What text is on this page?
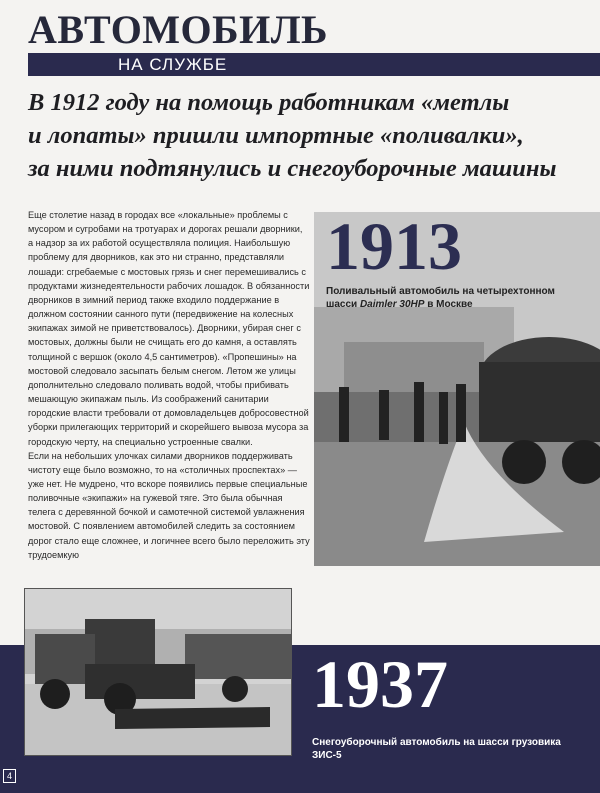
АВТОМОБИЛЬ
НА СЛУЖБЕ
В 1912 году на помощь работникам «метлы
и лопаты» пришли импортные «поливалки»,
за ними подтянулись и снегоуборочные машины

Еще столетие назад в городах все «локальные» проблемы с мусором и сугробами на тротуарах и дорогах решали дворники, а надзор за их работой осуществляла полиция. Наибольшую проблему для дворников, как это ни странно, представляли лошади: сгребаемые с мостовых грязь и снег перемешивались с продуктами жизнедеятельности рабочих лошадок. В обязанности дворников в зимний период также входило поддержание в должном состоянии санного пути (передвижение на колесных экипажах зимой не приветствовалось). Дворники, убирая снег с мостовых, должны были не счищать его до камня, а оставлять толщиной с вершок (около 4,5 сантиметров). «Пропешины» на мостовой следовало засыпать белым снегом. Летом же улицы дополнительно следовало поливать водой, чтобы прибивать мешающую экипажам пыль. Из соображений санитарии городские власти требовали от домовладельцев добросовестной уборки прилегающих территорий и скорейшего вывоза мусора за городскую черту, на специально устроенные свалки.

Если на небольших улочках силами дворников поддерживать чистоту еще было возможно, то на «столичных проспектах» — уже нет. Не мудрено, что вскоре появились первые специальные поливочные «экипажи» на гужевой тяге. Это была обычная телега с деревянной бочкой и самотечной системой увлажнения мостовой. С появлением автомобилей следить за состоянием дорог стало еще сложнее, и логичнее всего было переложить эту трудоемкую

1913
Поливальный автомобиль на четырехтонном шасси Daimler 30HP в Москве
1937
Снегоуборочный автомобиль на шасси грузовика ЗИС-5
4
